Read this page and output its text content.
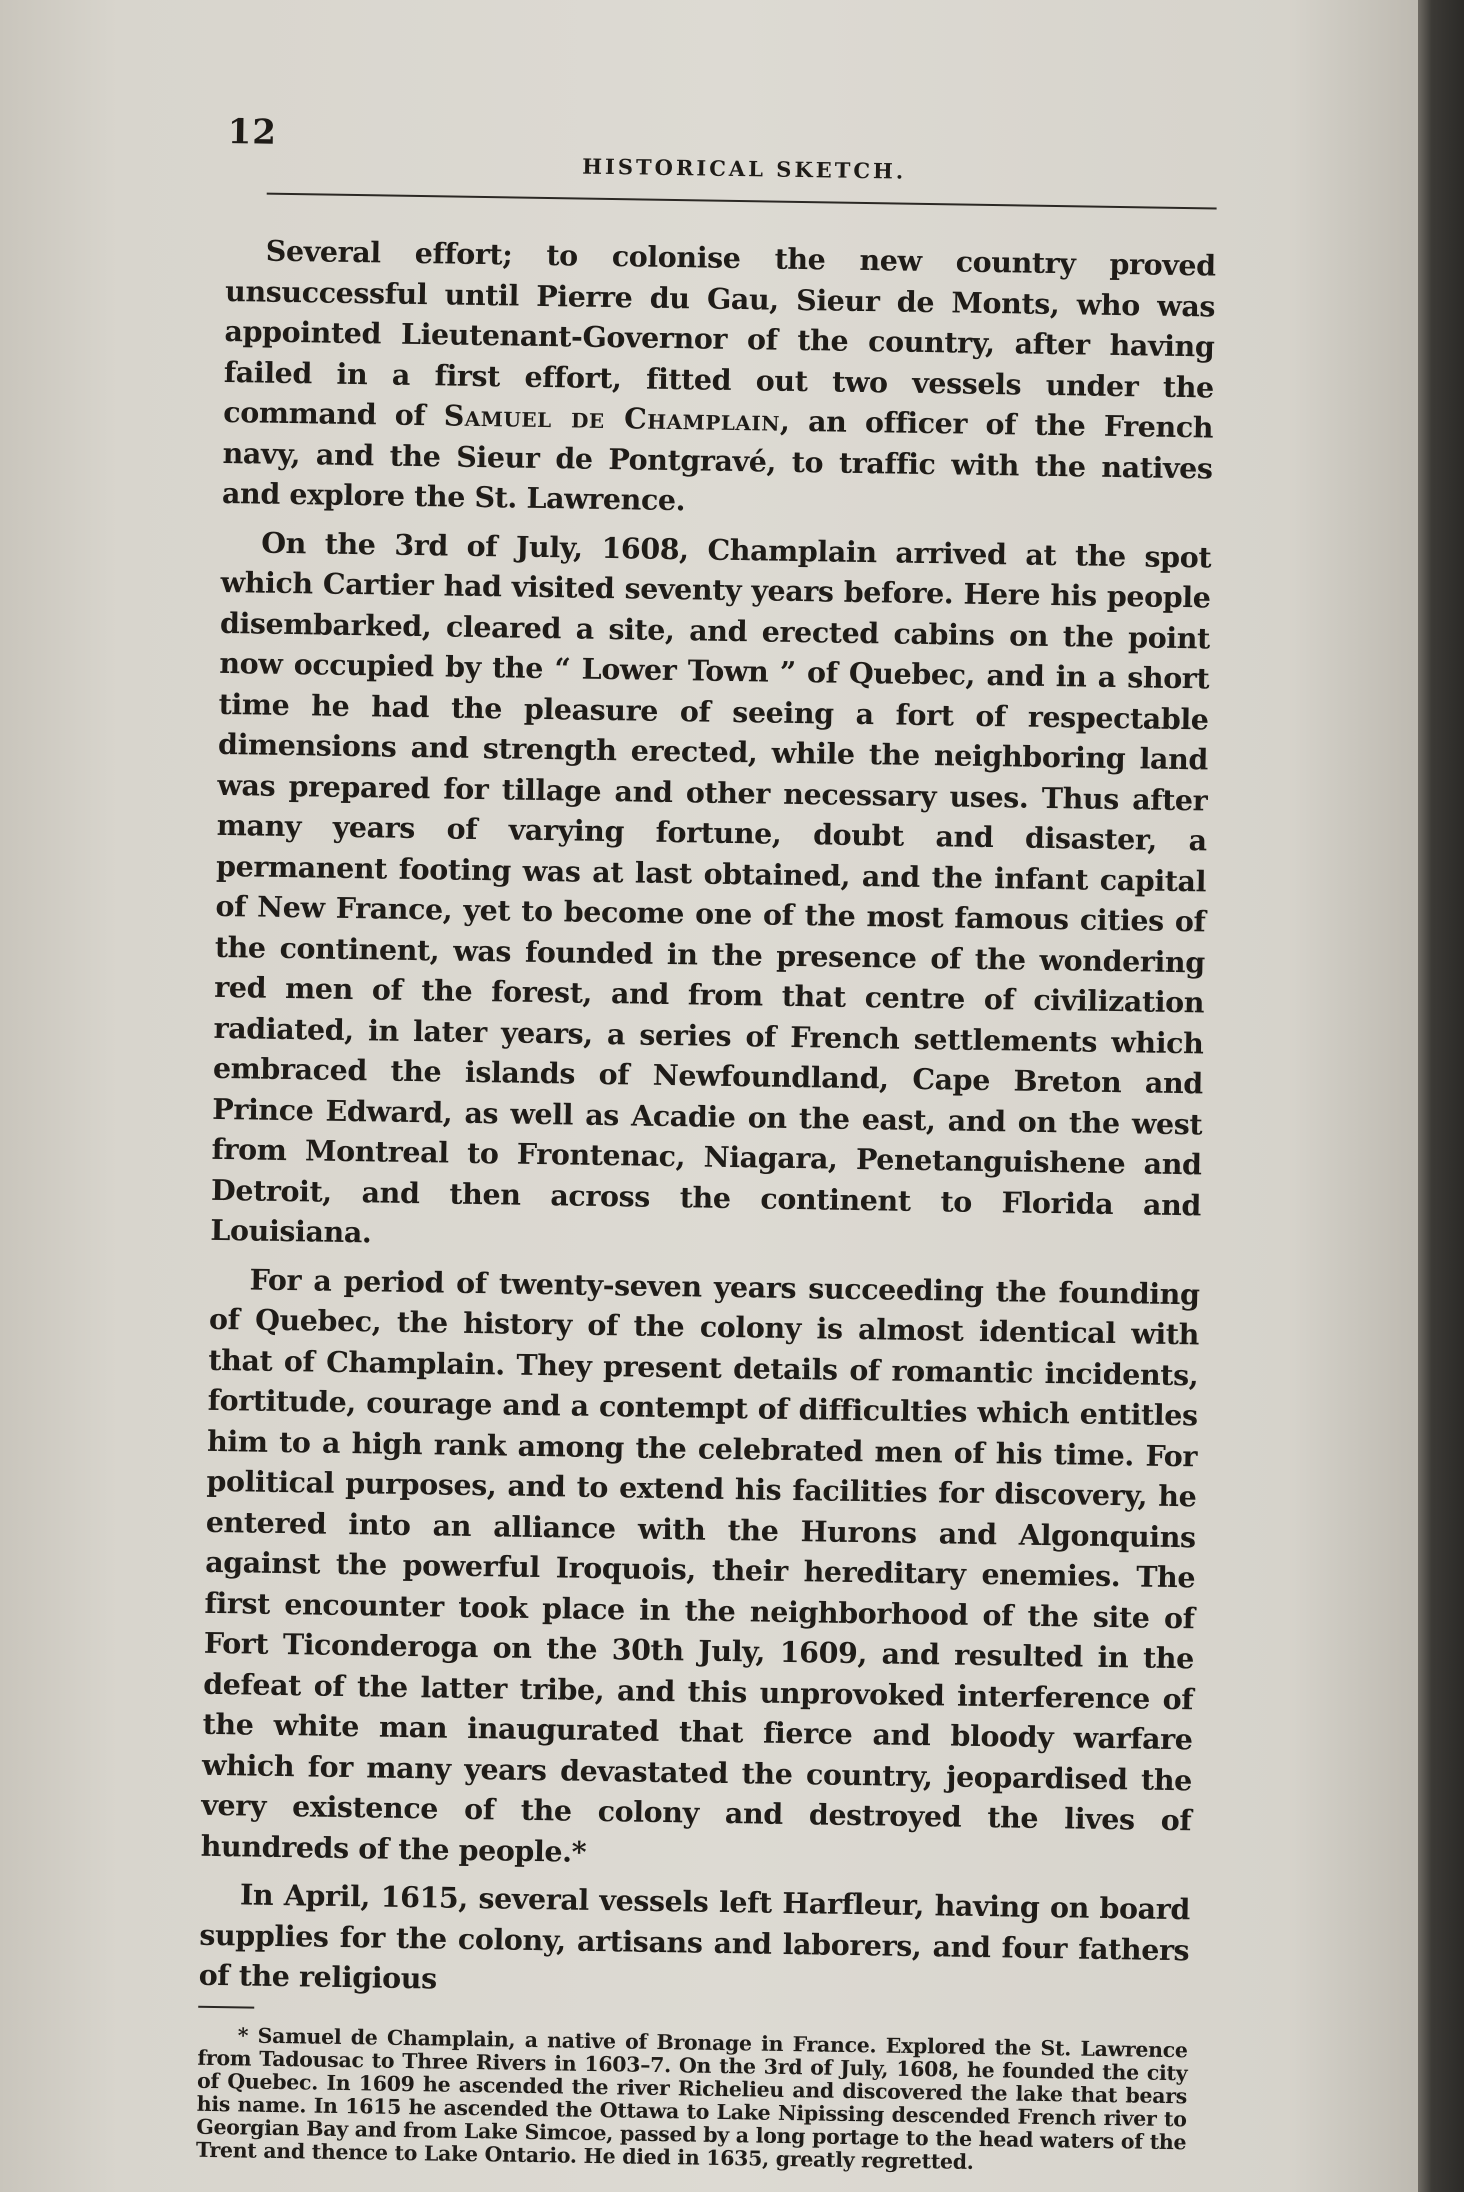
12
HISTORICAL SKETCH.

Several effort; to colonise the new country proved unsuccessful until Pierre du Gau, Sieur de Monts, who was appointed Lieutenant-Governor of the country, after having failed in a first effort, fitted out two vessels under the command of Samuel de Champlain, an officer of the French navy, and the Sieur de Pontgravé, to traffic with the natives and explore the St. Lawrence.

On the 3rd of July, 1608, Champlain arrived at the spot which Cartier had visited seventy years before. Here his people disembarked, cleared a site, and erected cabins on the point now occupied by the “ Lower Town ” of Quebec, and in a short time he had the pleasure of seeing a fort of respectable dimensions and strength erected, while the neighboring land was prepared for tillage and other necessary uses. Thus after many years of varying fortune, doubt and disaster, a permanent footing was at last obtained, and the infant capital of New France, yet to become one of the most famous cities of the continent, was founded in the presence of the wondering red men of the forest, and from that centre of civilization radiated, in later years, a series of French settlements which embraced the islands of Newfoundland, Cape Breton and Prince Edward, as well as Acadie on the east, and on the west from Montreal to Frontenac, Niagara, Penetanguishene and Detroit, and then across the continent to Florida and Louisiana.

For a period of twenty-seven years succeeding the founding of Quebec, the history of the colony is almost identical with that of Champlain. They present details of romantic incidents, fortitude, courage and a contempt of difficulties which entitles him to a high rank among the celebrated men of his time. For political purposes, and to extend his facilities for discovery, he entered into an alliance with the Hurons and Algonquins against the powerful Iroquois, their hereditary enemies. The first encounter took place in the neighborhood of the site of Fort Ticonderoga on the 30th July, 1609, and resulted in the defeat of the latter tribe, and this unprovoked interference of the white man inaugurated that fierce and bloody warfare which for many years devastated the country, jeopardised the very existence of the colony and destroyed the lives of hundreds of the people.*

In April, 1615, several vessels left Harfleur, having on board supplies for the colony, artisans and laborers, and four fathers of the religious

* Samuel de Champlain, a native of Bronage in France. Explored the St. Lawrence from Tadousac to Three Rivers in 1603–7. On the 3rd of July, 1608, he founded the city of Quebec. In 1609 he ascended the river Richelieu and discovered the lake that bears his name. In 1615 he ascended the Ottawa to Lake Nipissing descended French river to Georgian Bay and from Lake Simcoe, passed by a long portage to the head waters of the Trent and thence to Lake Ontario. He died in 1635, greatly regretted.
